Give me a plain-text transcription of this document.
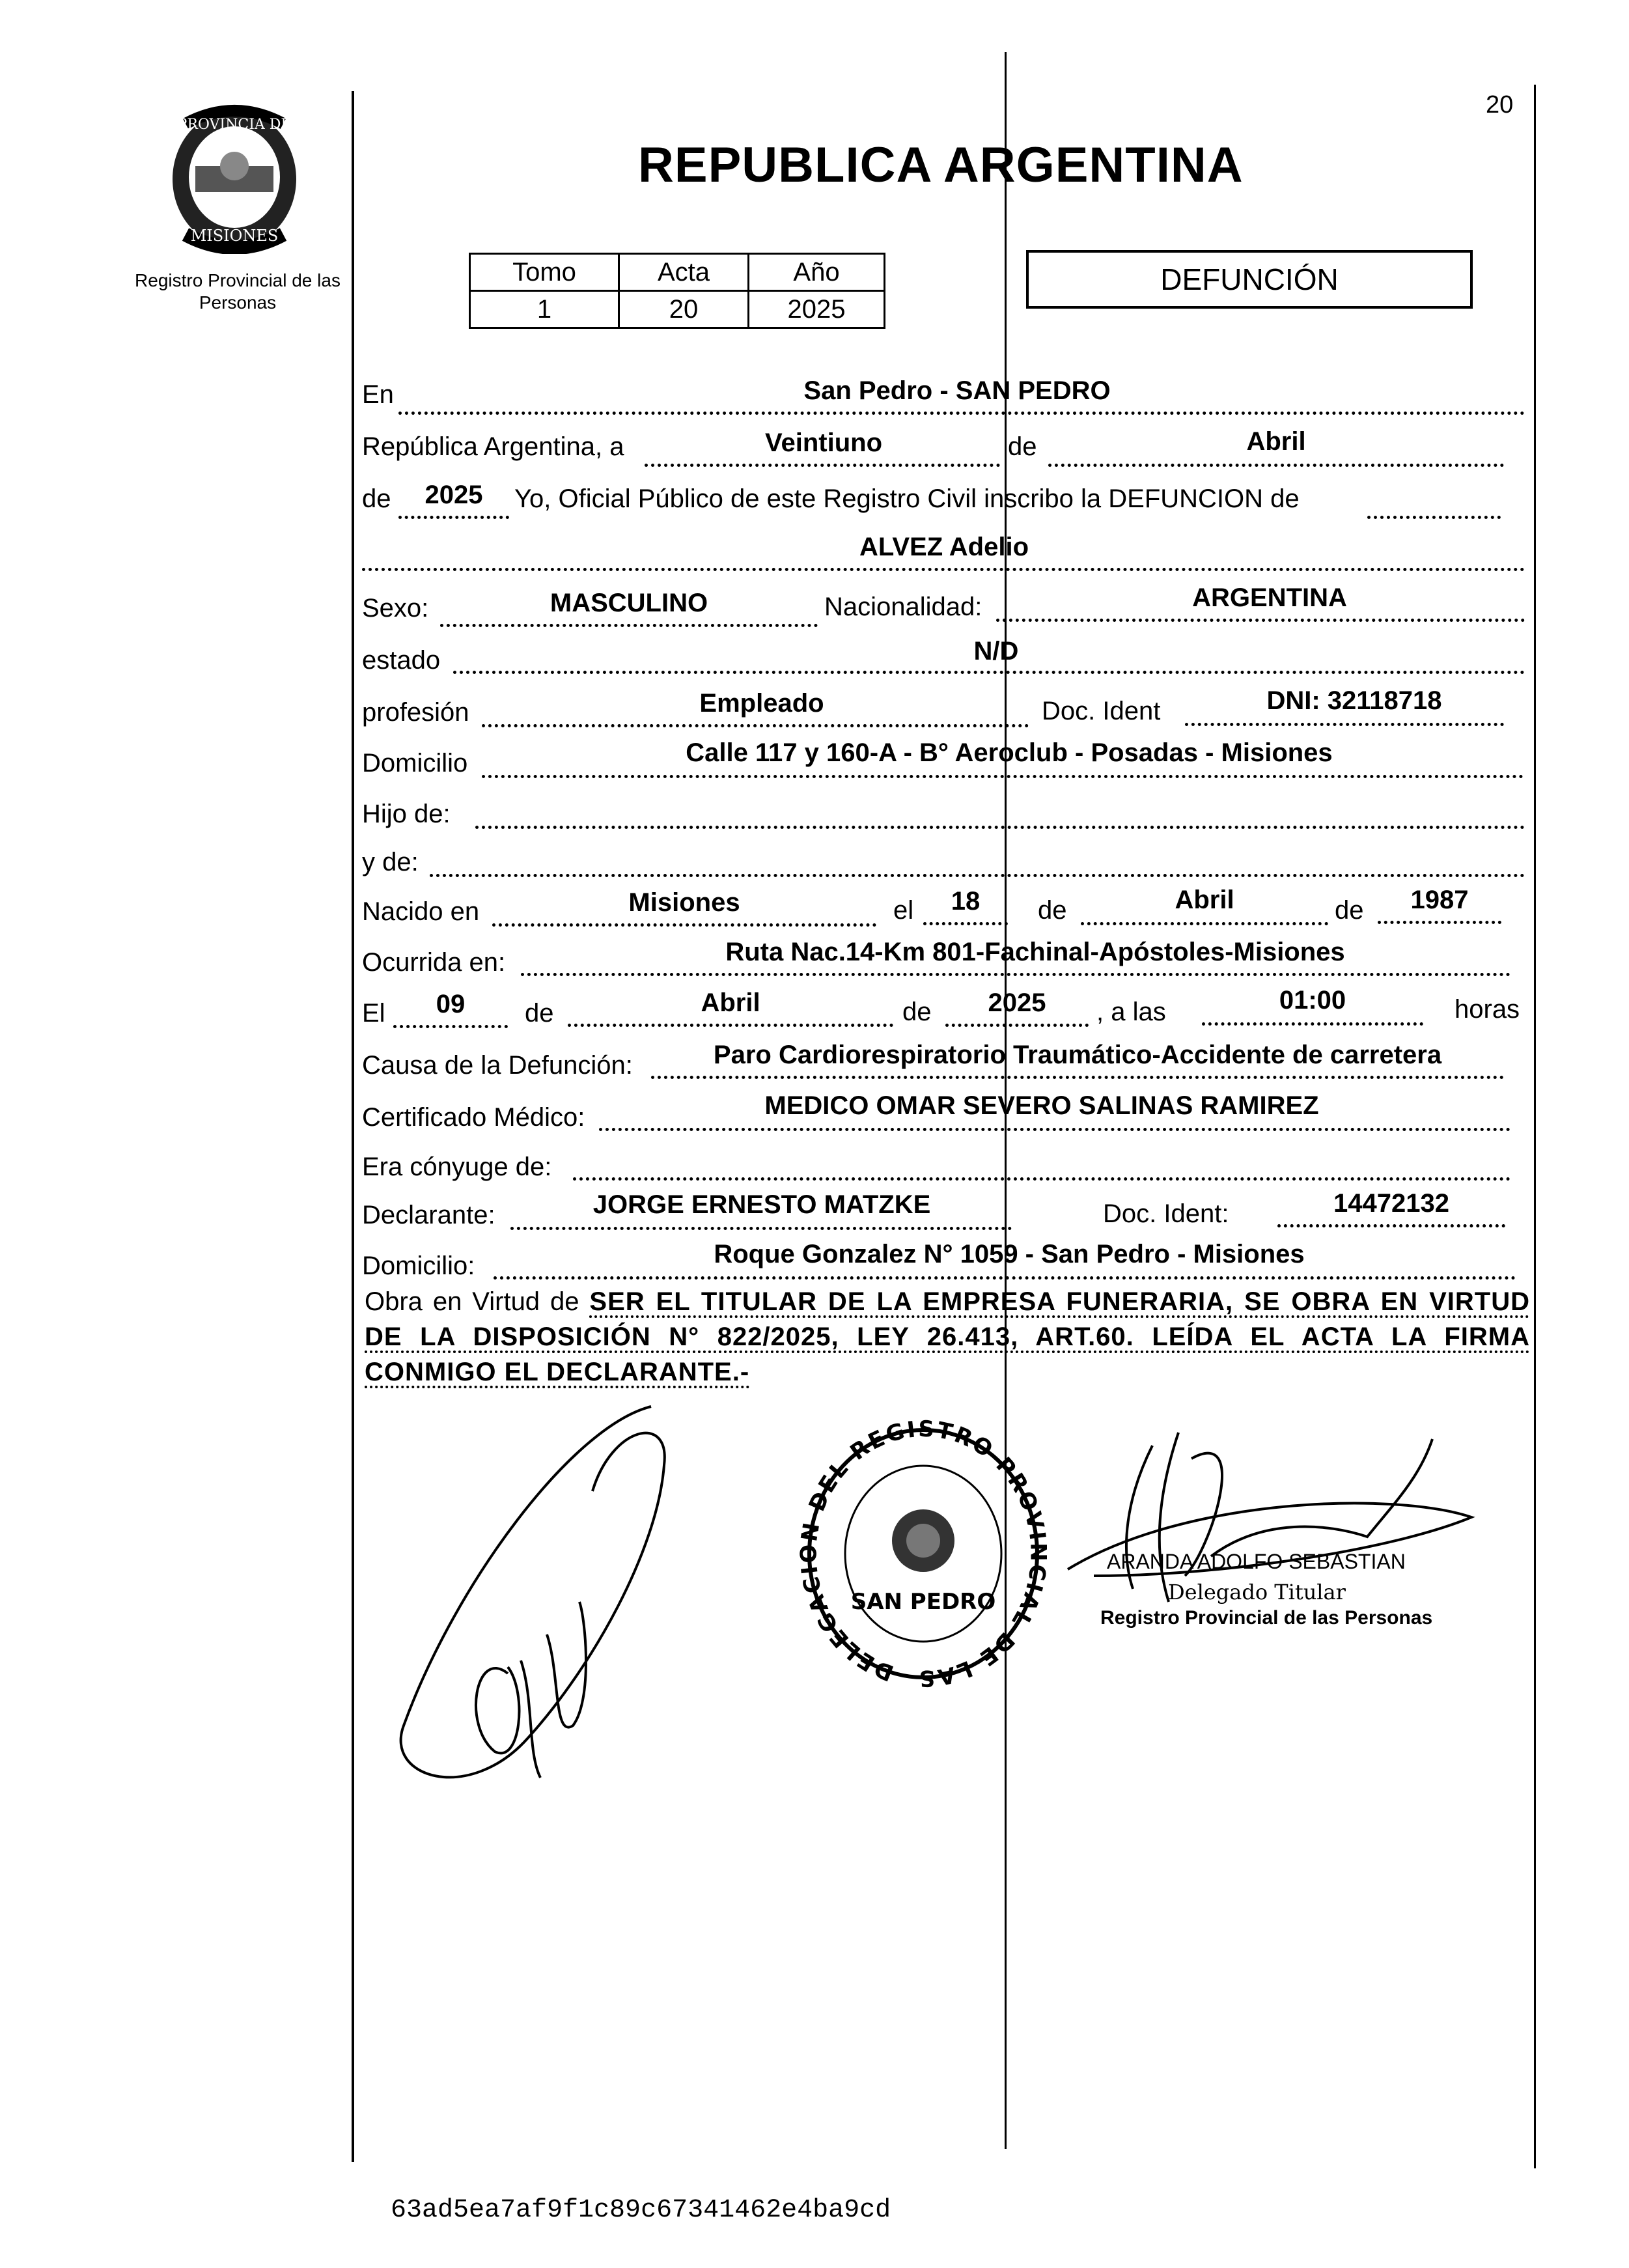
PROVINCIA DE
MISIONES
Registro Provincial de las Personas
20
REPUBLICA ARGENTINA
Tomo	Acta	Año
1	20	2025
DEFUNCIÓN
En	San Pedro - SAN PEDRO
República Argentina, a	Veintiuno	de	Abril
de	2025	Yo, Oficial Público de este Registro Civil inscribo la DEFUNCION de
ALVEZ Adelio
Sexo:	MASCULINO	Nacionalidad:	ARGENTINA
estado	N/D
profesión	Empleado	Doc. Ident	DNI: 32118718
Domicilio	Calle 117 y 160-A - B° Aeroclub - Posadas - Misiones
Hijo de:
y de:
Nacido en	Misiones	el	18	de	Abril	de	1987
Ocurrida en:	Ruta Nac.14-Km 801-Fachinal-Apóstoles-Misiones
El	09	de	Abril	de	2025	, a las	01:00	horas
Causa de la Defunción:	Paro Cardiorespiratorio Traumático-Accidente de carretera
Certificado Médico:	MEDICO OMAR SEVERO SALINAS RAMIREZ
Era cónyuge de:
Declarante:	JORGE ERNESTO MATZKE	Doc. Ident:	14472132
Domicilio:	Roque Gonzalez N° 1059 - San Pedro - Misiones
Obra en Virtud de SER EL TITULAR DE LA EMPRESA FUNERARIA, SE OBRA EN VIRTUD DE LA DISPOSICIÓN N° 822/2025, LEY 26.413, ART.60. LEÍDA EL ACTA LA FIRMA CONMIGO EL DECLARANTE.-
DELEGAC DEL REGISTRO PROV IAL DE LAS
SAN PEDRO
ARANDA ADOLFO SEBASTIAN
Delegado Titular
Registro Provincial de las Personas
63ad5ea7af9f1c89c67341462e4ba9cd
